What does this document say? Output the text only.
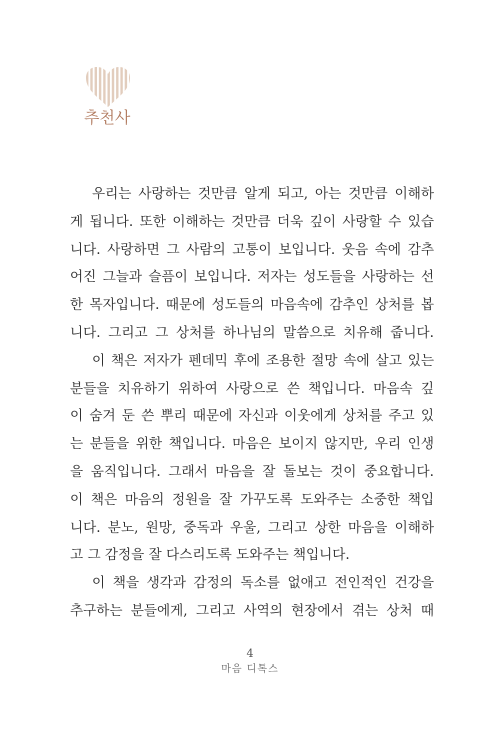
추천사
우리는 사랑하는 것만큼 알게 되고, 아는 것만큼 이해하
게 됩니다. 또한 이해하는 것만큼 더욱 깊이 사랑할 수 있습
니다. 사랑하면 그 사람의 고통이 보입니다. 웃음 속에 감추
어진 그늘과 슬픔이 보입니다. 저자는 성도들을 사랑하는 선
한 목자입니다. 때문에 성도들의 마음속에 감추인 상처를 봅
니다. 그리고 그 상처를 하나님의 말씀으로 치유해 줍니다.
이 책은 저자가 펜데믹 후에 조용한 절망 속에 살고 있는
분들을 치유하기 위하여 사랑으로 쓴 책입니다. 마음속 깊
이 숨겨 둔 쓴 뿌리 때문에 자신과 이웃에게 상처를 주고 있
는 분들을 위한 책입니다. 마음은 보이지 않지만, 우리 인생
을 움직입니다. 그래서 마음을 잘 돌보는 것이 중요합니다.
이 책은 마음의 정원을 잘 가꾸도록 도와주는 소중한 책입
니다. 분노, 원망, 중독과 우울, 그리고 상한 마음을 이해하
고 그 감정을 잘 다스리도록 도와주는 책입니다.
이 책을 생각과 감정의 독소를 없애고 전인적인 건강을
추구하는 분들에게, 그리고 사역의 현장에서 겪는 상처 때
4
마음 디톡스
